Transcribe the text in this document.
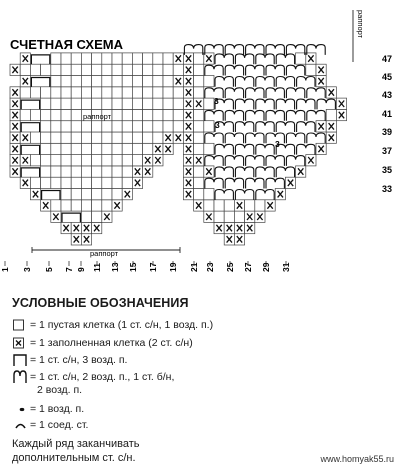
СЧЕТНАЯ СХЕМА
47
45
43
41
39
37
35
33
1 3 5 7 9 11 13 15 17 19 21 23 25 27 29 31
раппорт
раппорт
раппорт
3
3
3
УСЛОВНЫЕ ОБОЗНАЧЕНИЯ
= 1 пустая клетка (1 ст. с/н, 1 возд. п.)
= 1 заполненная клетка (2 ст. с/н)
= 1 ст. с/н, 3 возд. п.
= 1 ст. с/н, 2 возд. п., 1 ст. б/н,
2 возд. п.
= 1 возд. п.
= 1 соед. ст.
Каждый ряд заканчивать
дополнительным ст. с/н.	www.homyak55.ru
